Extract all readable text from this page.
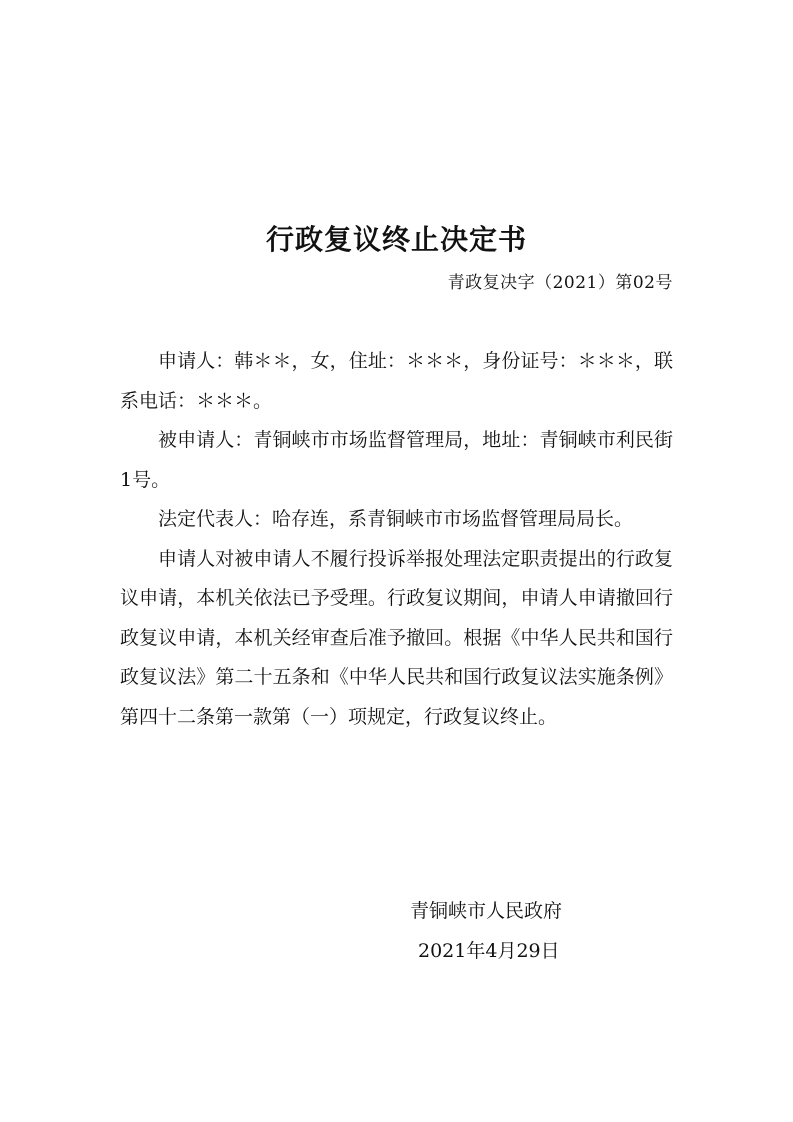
行政复议终止决定书
青政复决字（2021）第02号

申请人：韩＊＊，女，住址：＊＊＊，身份证号：＊＊＊，联系电话：＊＊＊。

被申请人：青铜峡市市场监督管理局，地址：青铜峡市利民街1号。

法定代表人：哈存连，系青铜峡市市场监督管理局局长。

申请人对被申请人不履行投诉举报处理法定职责提出的行政复议申请，本机关依法已予受理。行政复议期间，申请人申请撤回行政复议申请，本机关经审查后准予撤回。根据《中华人民共和国行政复议法》第二十五条和《中华人民共和国行政复议法实施条例》第四十二条第一款第（一）项规定，行政复议终止。

青铜峡市人民政府
2021年4月29日
